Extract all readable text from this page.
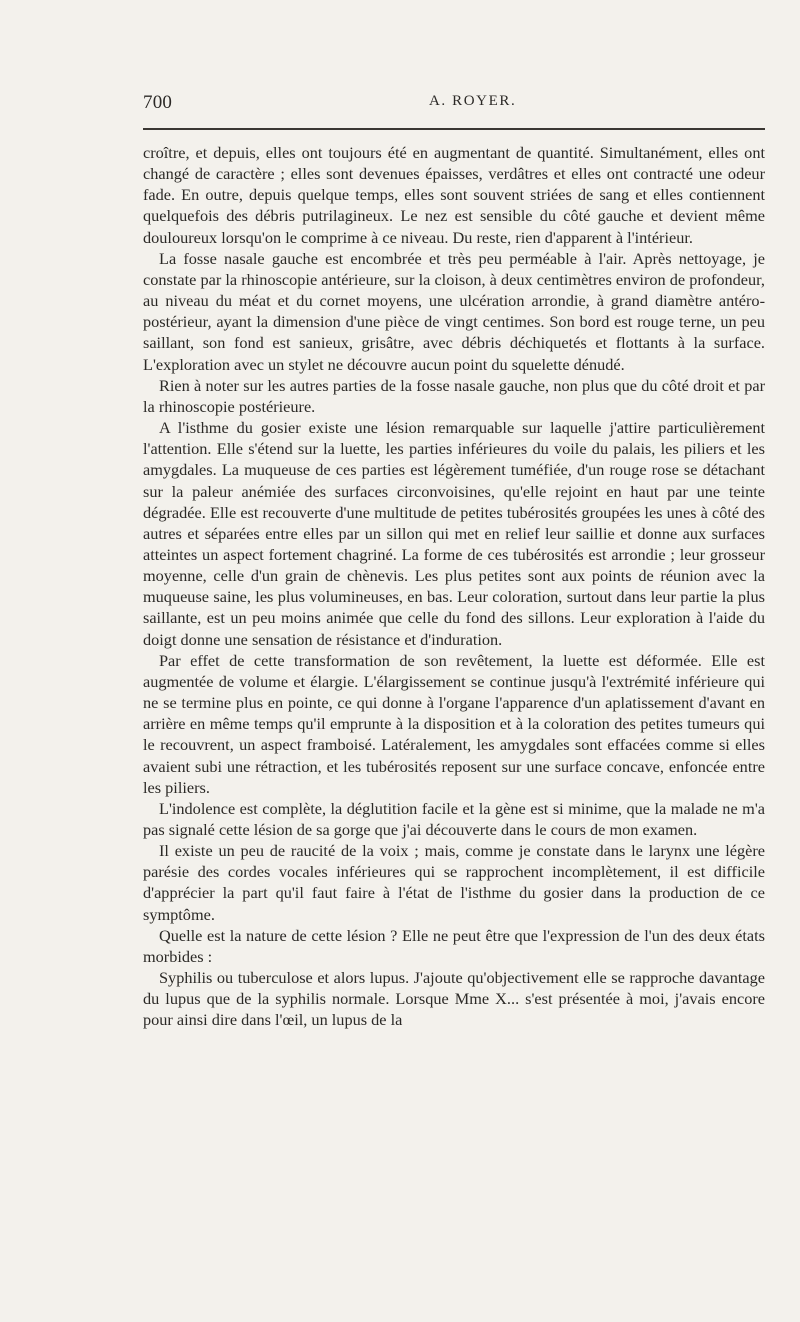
700	A. ROYER.

croître, et depuis, elles ont toujours été en augmentant de quantité. Simultanément, elles ont changé de caractère ; elles sont devenues épaisses, verdâtres et elles ont contracté une odeur fade. En outre, depuis quelque temps, elles sont souvent striées de sang et elles contiennent quelquefois des débris putrilagineux. Le nez est sensible du côté gauche et devient même douloureux lorsqu'on le comprime à ce niveau. Du reste, rien d'apparent à l'intérieur.

La fosse nasale gauche est encombrée et très peu perméable à l'air. Après nettoyage, je constate par la rhinoscopie antérieure, sur la cloison, à deux centimètres environ de profondeur, au niveau du méat et du cornet moyens, une ulcération arrondie, à grand diamètre antéro-postérieur, ayant la dimension d'une pièce de vingt centimes. Son bord est rouge terne, un peu saillant, son fond est sanieux, grisâtre, avec débris déchiquetés et flottants à la surface. L'exploration avec un stylet ne découvre aucun point du squelette dénudé.

Rien à noter sur les autres parties de la fosse nasale gauche, non plus que du côté droit et par la rhinoscopie postérieure.

A l'isthme du gosier existe une lésion remarquable sur laquelle j'attire particulièrement l'attention. Elle s'étend sur la luette, les parties inférieures du voile du palais, les piliers et les amygdales. La muqueuse de ces parties est légèrement tuméfiée, d'un rouge rose se détachant sur la paleur anémiée des surfaces circonvoisines, qu'elle rejoint en haut par une teinte dégradée. Elle est recouverte d'une multitude de petites tubérosités groupées les unes à côté des autres et séparées entre elles par un sillon qui met en relief leur saillie et donne aux surfaces atteintes un aspect fortement chagriné. La forme de ces tubérosités est arrondie ; leur grosseur moyenne, celle d'un grain de chènevis. Les plus petites sont aux points de réunion avec la muqueuse saine, les plus volumineuses, en bas. Leur coloration, surtout dans leur partie la plus saillante, est un peu moins animée que celle du fond des sillons. Leur exploration à l'aide du doigt donne une sensation de résistance et d'induration.

Par effet de cette transformation de son revêtement, la luette est déformée. Elle est augmentée de volume et élargie. L'élargissement se continue jusqu'à l'extrémité inférieure qui ne se termine plus en pointe, ce qui donne à l'organe l'apparence d'un aplatissement d'avant en arrière en même temps qu'il emprunte à la disposition et à la coloration des petites tumeurs qui le recouvrent, un aspect framboisé. Latéralement, les amygdales sont effacées comme si elles avaient subi une rétraction, et les tubérosités reposent sur une surface concave, enfoncée entre les piliers.

L'indolence est complète, la déglutition facile et la gène est si minime, que la malade ne m'a pas signalé cette lésion de sa gorge que j'ai découverte dans le cours de mon examen.

Il existe un peu de raucité de la voix ; mais, comme je constate dans le larynx une légère parésie des cordes vocales inférieures qui se rapprochent incomplètement, il est difficile d'apprécier la part qu'il faut faire à l'état de l'isthme du gosier dans la production de ce symptôme.

Quelle est la nature de cette lésion ? Elle ne peut être que l'expression de l'un des deux états morbides :

Syphilis ou tuberculose et alors lupus. J'ajoute qu'objectivement elle se rapproche davantage du lupus que de la syphilis normale. Lorsque Mme X... s'est présentée à moi, j'avais encore pour ainsi dire dans l'œil, un lupus de la
